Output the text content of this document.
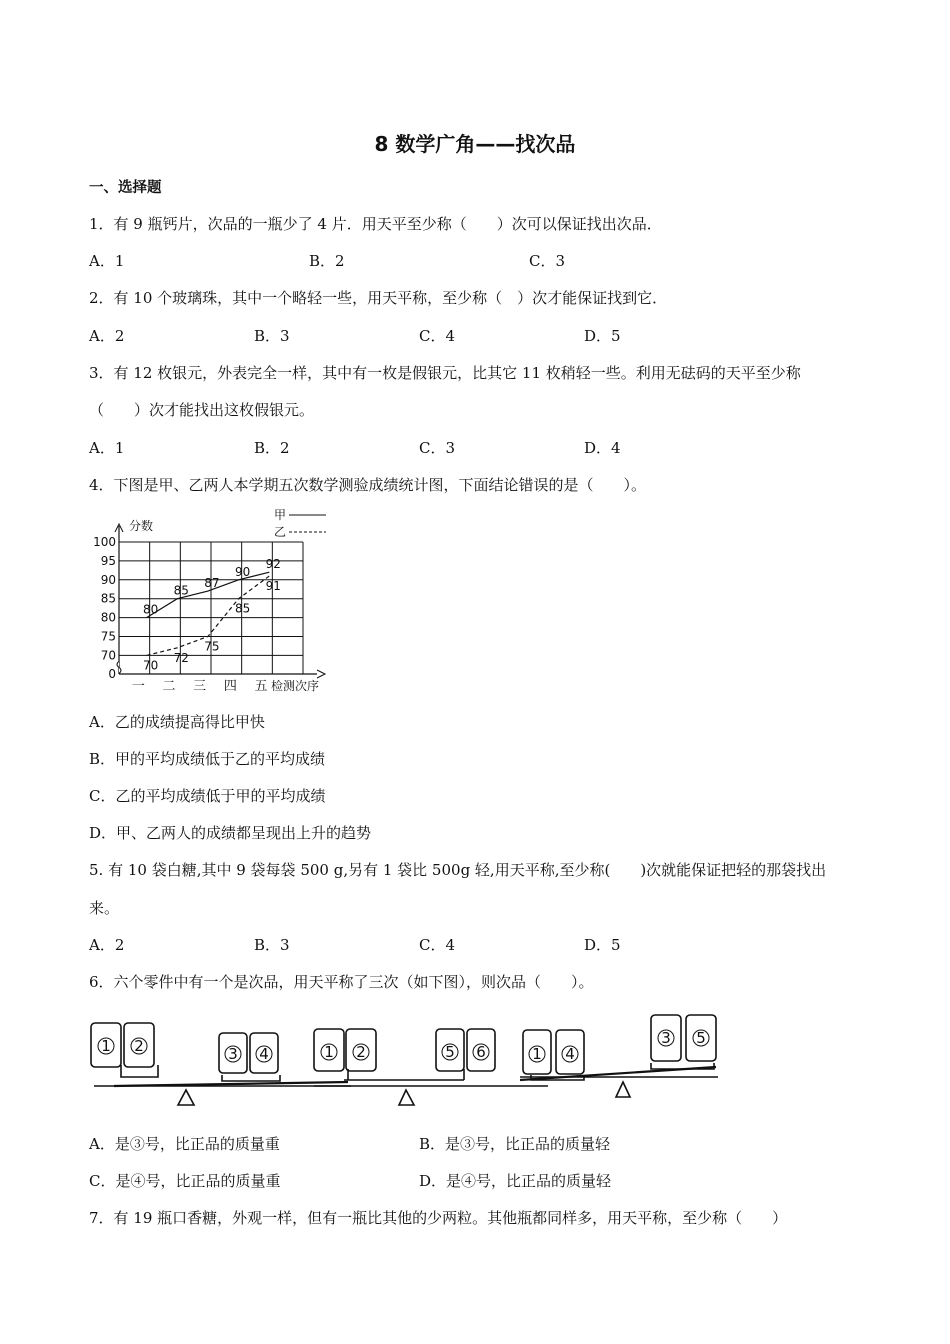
8 数学广角——找次品
一、选择题
1．有 9 瓶钙片，次品的一瓶少了 4 片．用天平至少称（　　）次可以保证找出次品．
A．1	B．2	C．3
2．有 10 个玻璃珠，其中一个略轻一些，用天平称，至少称（　）次才能保证找到它．
A．2	B．3	C．4	D．5
3．有 12 枚银元，外表完全一样，其中有一枚是假银元，比其它 11 枚稍轻一些。利用无砝码的天平至少称
（　　）次才能找出这枚假银元。
A．1	B．2	C．3	D．4
4．下图是甲、乙两人本学期五次数学测验成绩统计图，下面结论错误的是（　　）。
0
70
75
80
85
90
95
100
一 二 三 四 五
分数
检测次序
甲
乙
80
85
87
90
92
70
72
75
85
91
A．乙的成绩提高得比甲快
B．甲的平均成绩低于乙的平均成绩
C．乙的平均成绩低于甲的平均成绩
D．甲、乙两人的成绩都呈现出上升的趋势
5. 有 10 袋白糖,其中 9 袋每袋 500 g,另有 1 袋比 500g 轻,用天平称,至少称(　　)次就能保证把轻的那袋找出
来。
A．2	B．3	C．4	D．5
6．六个零件中有一个是次品，用天平称了三次（如下图），则次品（　　）。
1 2	3 4	1 2	5 6	1 4
3 5
A．是③号，比正品的质量重	B．是③号，比正品的质量轻
C．是④号，比正品的质量重	D．是④号，比正品的质量轻
7．有 19 瓶口香糖，外观一样，但有一瓶比其他的少两粒。其他瓶都同样多，用天平称，至少称（　　）
